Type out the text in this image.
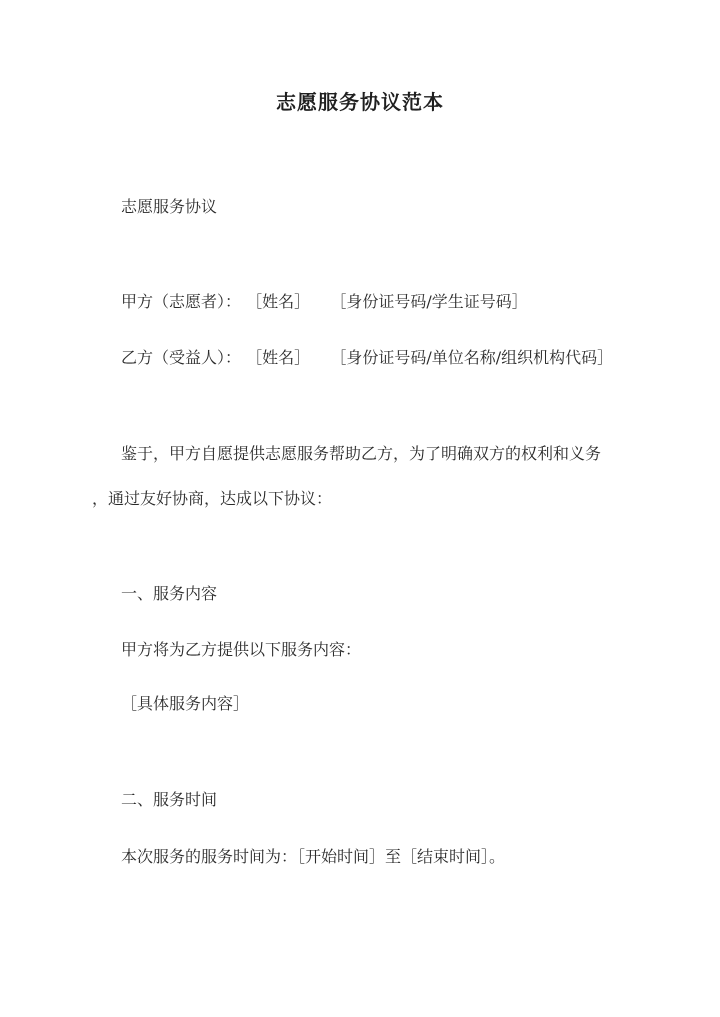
志愿服务协议范本
志愿服务协议
甲方（志愿者）： ［姓名］ ［身份证号码/学生证号码］
乙方（受益人）： ［姓名］ ［身份证号码/单位名称/组织机构代码］
鉴于，甲方自愿提供志愿服务帮助乙方，为了明确双方的权利和义务
，通过友好协商，达成以下协议：
一、服务内容
甲方将为乙方提供以下服务内容：
［具体服务内容］
二、服务时间
本次服务的服务时间为：［开始时间］至［结束时间］。
